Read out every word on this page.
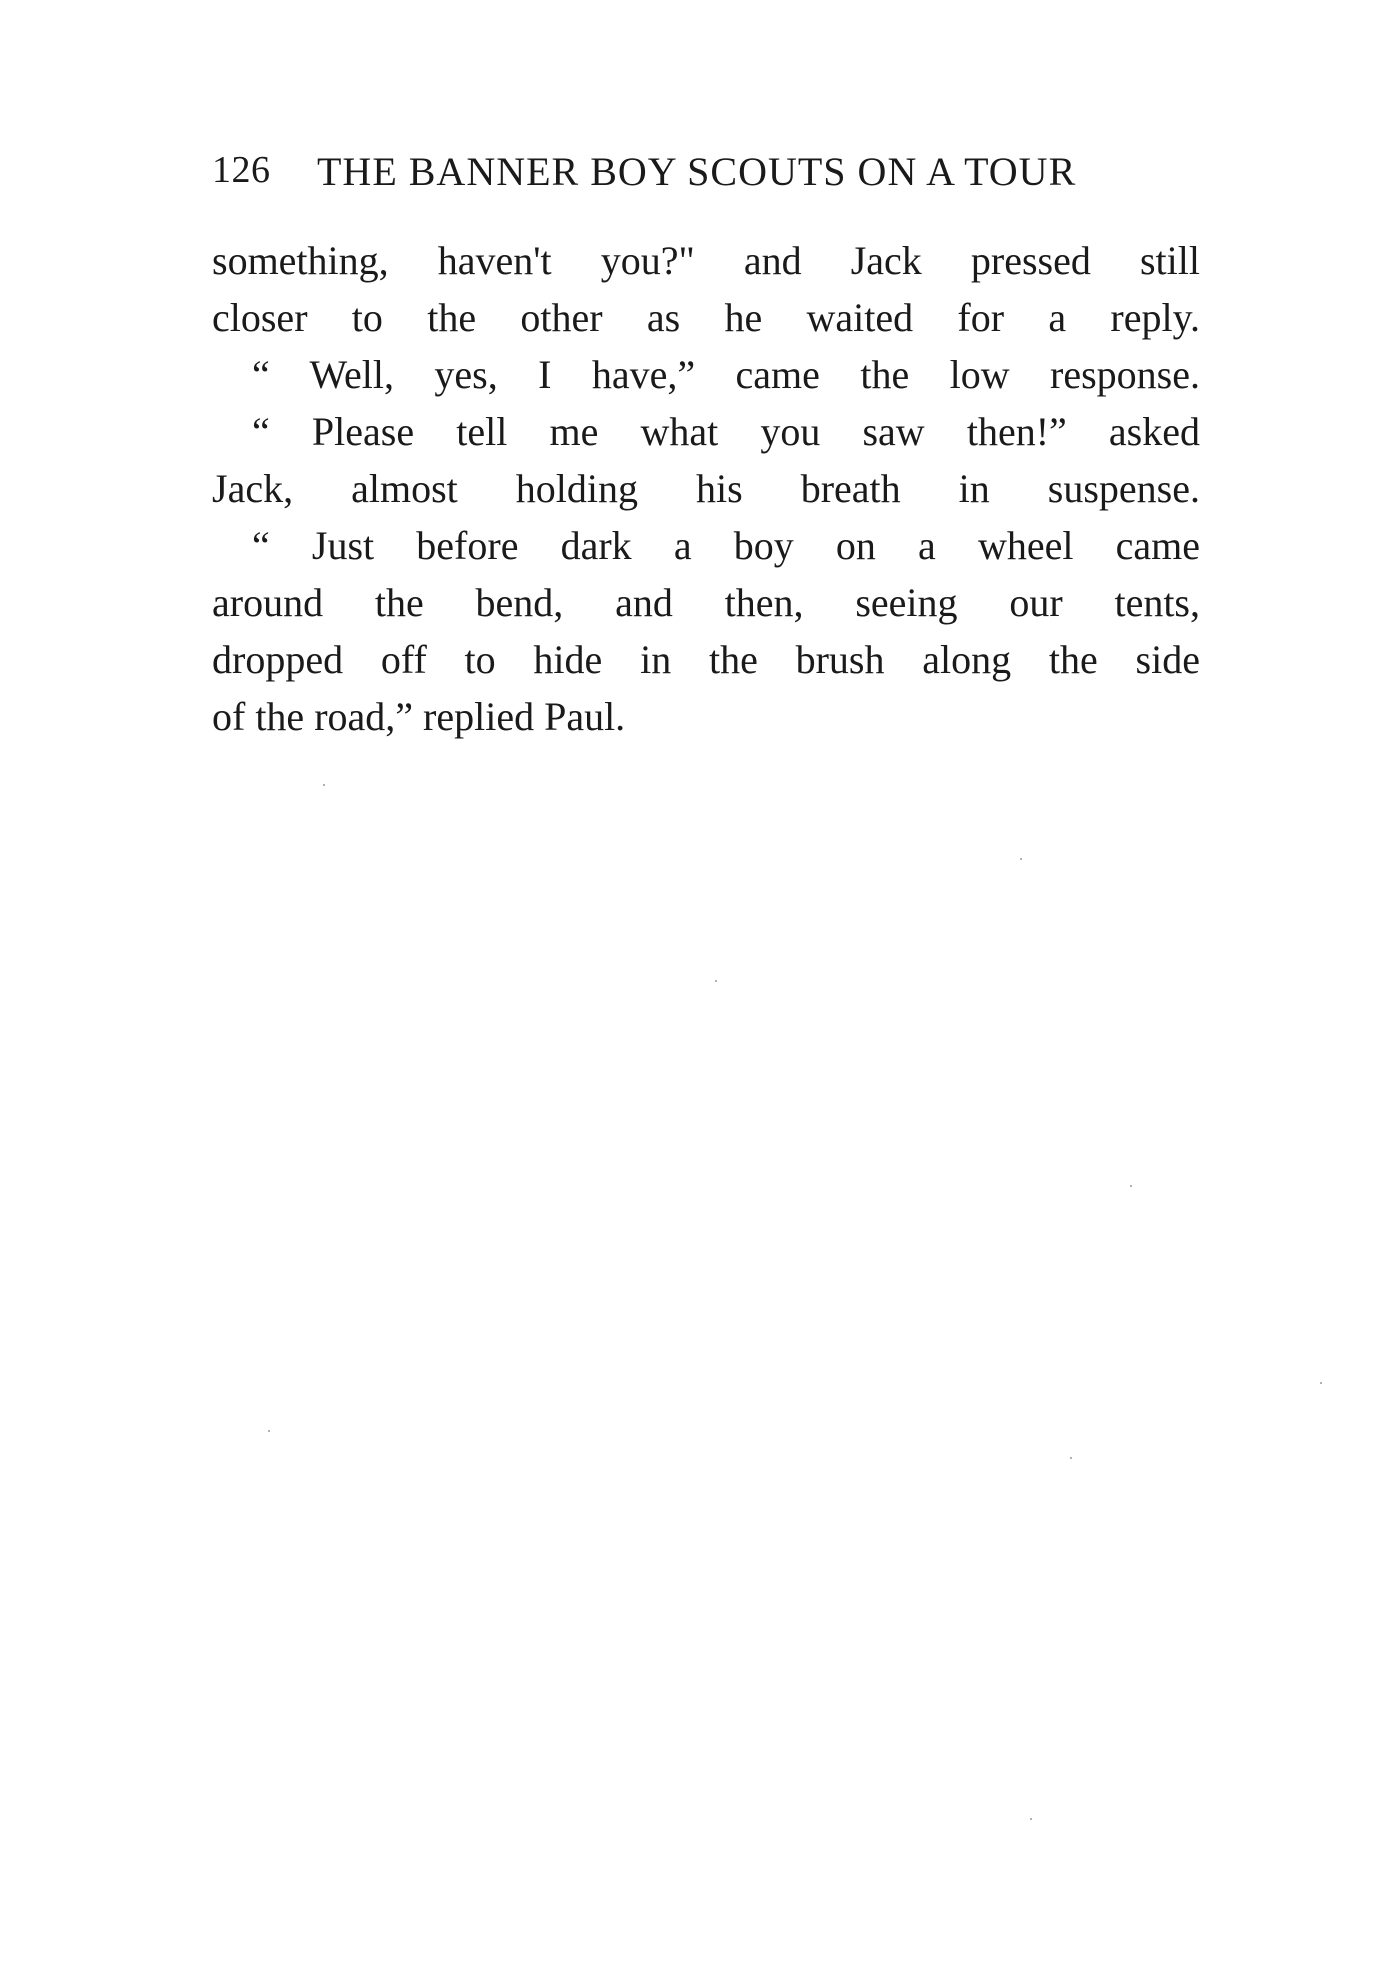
126 THE BANNER BOY SCOUTS ON A TOUR
something, haven't you?" and Jack pressed still
closer to the other as he waited for a reply.
“ Well, yes, I have,” came the low response.
“ Please tell me what you saw then!” asked
Jack, almost holding his breath in suspense.
“ Just before dark a boy on a wheel came
around the bend, and then, seeing our tents,
dropped off to hide in the brush along the side
of the road,” replied Paul.
